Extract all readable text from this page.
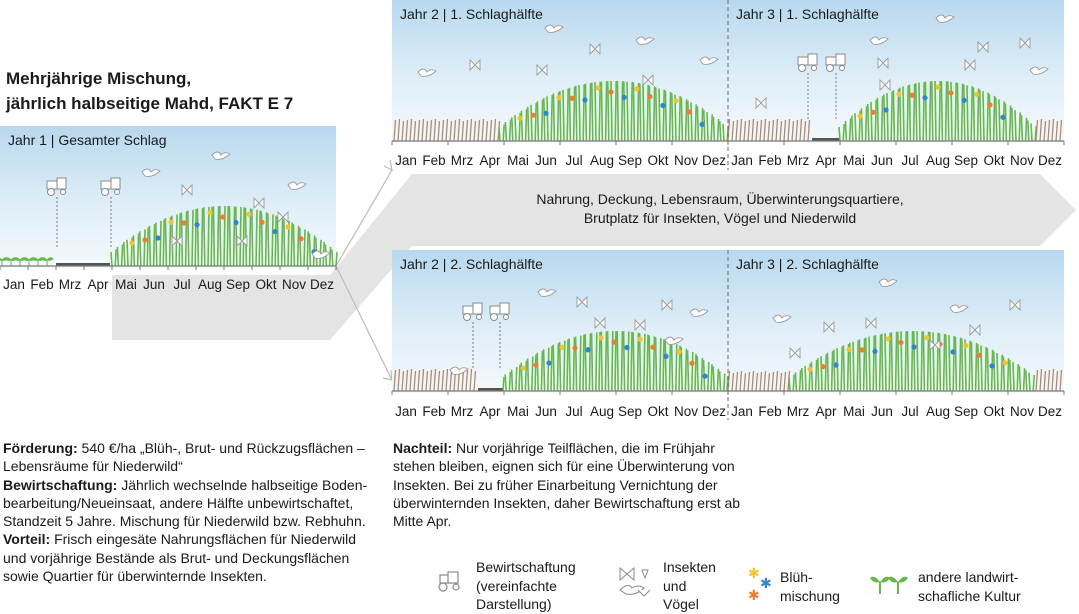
Mehrjährige Mischung,
jährlich halbseitige Mahd, FAKT E 7
Nahrung, Deckung, Lebensraum, Überwinterungsquartiere,
Brutplatz für Insekten, Vögel und Niederwild
Jahr 1 | Gesamter Schlag
Jahr 2 | 1. Schlaghälfte	Jahr 3 | 1. Schlaghälfte
Jahr 2 | 2. Schlaghälfte	Jahr 3 | 2. Schlaghälfte
Jan Feb Mrz Apr Mai Jun Jul Aug Sep Okt Nov Dez
Jan Feb Mrz Apr Mai Jun Jul Aug Sep Okt Nov Dez Jan Feb Mrz Apr Mai Jun Jul Aug Sep Okt Nov Dez
Jan Feb Mrz Apr Mai Jun Jul Aug Sep Okt Nov Dez Jan Feb Mrz Apr Mai Jun Jul Aug Sep Okt Nov Dez
Förderung: 540 €/ha „Blüh-, Brut- und Rückzugsflächen –
Lebensräume für Niederwild“
Bewirtschaftung: Jährlich wechselnde halbseitige Boden-
bearbeitung/Neueinsaat, andere Hälfte unbewirtschaftet,
Standzeit 5 Jahre. Mischung für Niederwild bzw. Rebhuhn.
Vorteil: Frisch eingesäte Nahrungsflächen für Niederwild
und vorjährige Bestände als Brut- und Deckungsflächen
sowie Quartier für überwinternde Insekten.
Nachteil: Nur vorjährige Teilflächen, die im Frühjahr
stehen bleiben, eignen sich für eine Überwinterung von
Insekten. Bei zu früher Einarbeitung Vernichtung der
überwinternden Insekten, daher Bewirtschaftung erst ab
Mitte Apr.
✱
✱
✱
Bewirtschaftung
(vereinfachte
Darstellung)
Insekten
und
Vögel
Blüh-
mischung
andere landwirt-
schafliche Kultur
